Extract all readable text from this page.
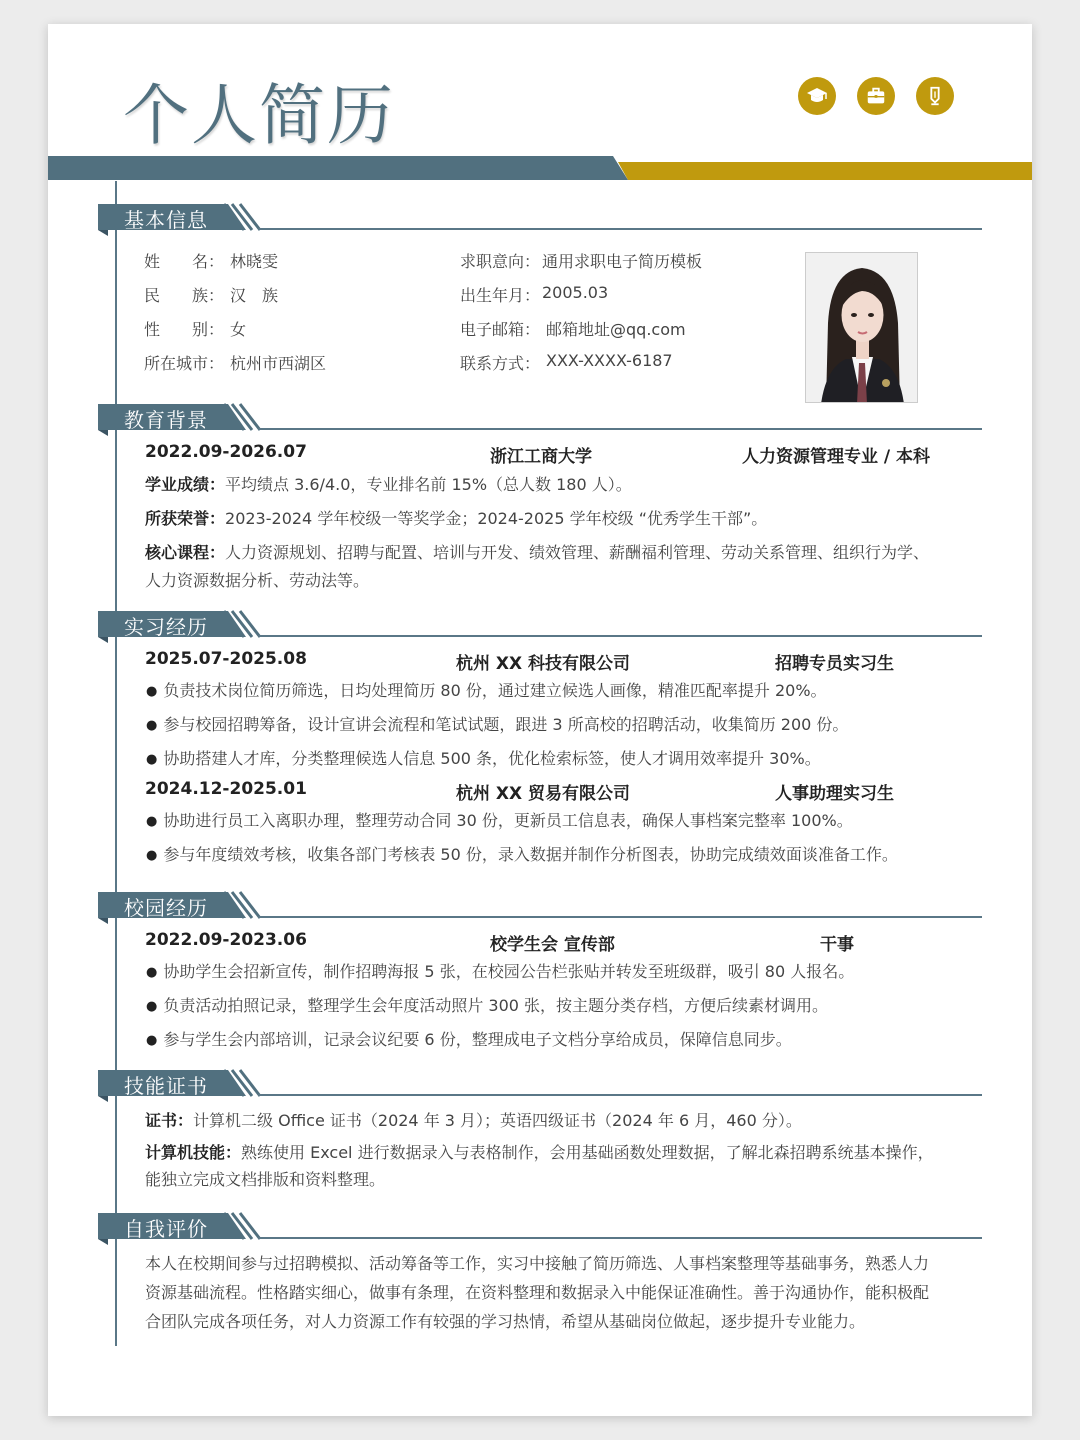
个人简历
基本信息
姓　　名： 林晓雯
民　　族： 汉　族
性　　别： 女
所在城市： 杭州市西湖区
求职意向： 通用求职电子简历模板
出生年月： 2005.03
电子邮箱： 邮箱地址@qq.com
联系方式： XXX-XXXX-6187
教育背景
2022.09-2026.07	浙江工商大学	人力资源管理专业 / 本科
学业成绩：平均绩点 3.6/4.0，专业排名前 15%（总人数 180 人）。
所获荣誉：2023-2024 学年校级一等奖学金；2024-2025 学年校级 “优秀学生干部”。
核心课程：人力资源规划、招聘与配置、培训与开发、绩效管理、薪酬福利管理、劳动关系管理、组织行为学、
人力资源数据分析、劳动法等。
实习经历
2025.07-2025.08	杭州 XX 科技有限公司	招聘专员实习生
● 负责技术岗位简历筛选，日均处理简历 80 份，通过建立候选人画像，精准匹配率提升 20%。
● 参与校园招聘筹备，设计宣讲会流程和笔试试题，跟进 3 所高校的招聘活动，收集简历 200 份。
● 协助搭建人才库，分类整理候选人信息 500 条，优化检索标签，使人才调用效率提升 30%。
2024.12-2025.01	杭州 XX 贸易有限公司	人事助理实习生
● 协助进行员工入离职办理，整理劳动合同 30 份，更新员工信息表，确保人事档案完整率 100%。
● 参与年度绩效考核，收集各部门考核表 50 份，录入数据并制作分析图表，协助完成绩效面谈准备工作。
校园经历
2022.09-2023.06	校学生会 宣传部	干事
● 协助学生会招新宣传，制作招聘海报 5 张，在校园公告栏张贴并转发至班级群，吸引 80 人报名。
● 负责活动拍照记录，整理学生会年度活动照片 300 张，按主题分类存档，方便后续素材调用。
● 参与学生会内部培训，记录会议纪要 6 份，整理成电子文档分享给成员，保障信息同步。
技能证书
证书：计算机二级 Office 证书（2024 年 3 月）；英语四级证书（2024 年 6 月，460 分）。
计算机技能：熟练使用 Excel 进行数据录入与表格制作，会用基础函数处理数据，了解北森招聘系统基本操作，
能独立完成文档排版和资料整理。
自我评价
本人在校期间参与过招聘模拟、活动筹备等工作，实习中接触了简历筛选、人事档案整理等基础事务，熟悉人力
资源基础流程。性格踏实细心，做事有条理，在资料整理和数据录入中能保证准确性。善于沟通协作，能积极配
合团队完成各项任务，对人力资源工作有较强的学习热情，希望从基础岗位做起，逐步提升专业能力。
